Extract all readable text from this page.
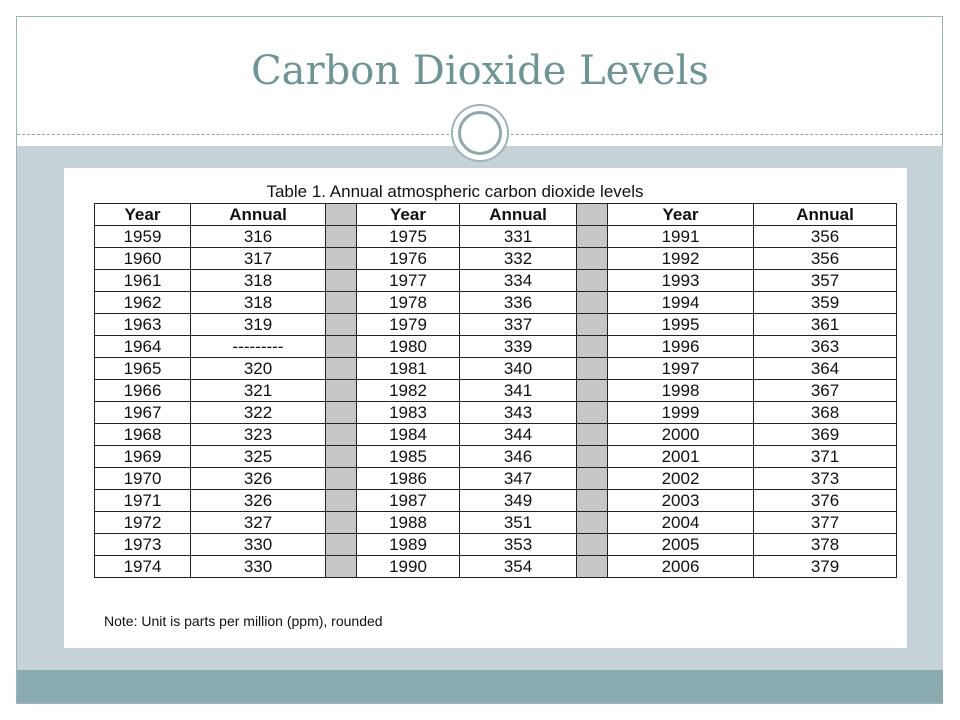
Carbon Dioxide Levels
Table 1. Annual atmospheric carbon dioxide levels
Year	Annual		Year	Annual		Year	Annual
1959	316		1975	331		1991	356
1960	317		1976	332		1992	356
1961	318		1977	334		1993	357
1962	318		1978	336		1994	359
1963	319		1979	337		1995	361
1964	---------		1980	339		1996	363
1965	320		1981	340		1997	364
1966	321		1982	341		1998	367
1967	322		1983	343		1999	368
1968	323		1984	344		2000	369
1969	325		1985	346		2001	371
1970	326		1986	347		2002	373
1971	326		1987	349		2003	376
1972	327		1988	351		2004	377
1973	330		1989	353		2005	378
1974	330		1990	354		2006	379
Note: Unit is parts per million (ppm), rounded
